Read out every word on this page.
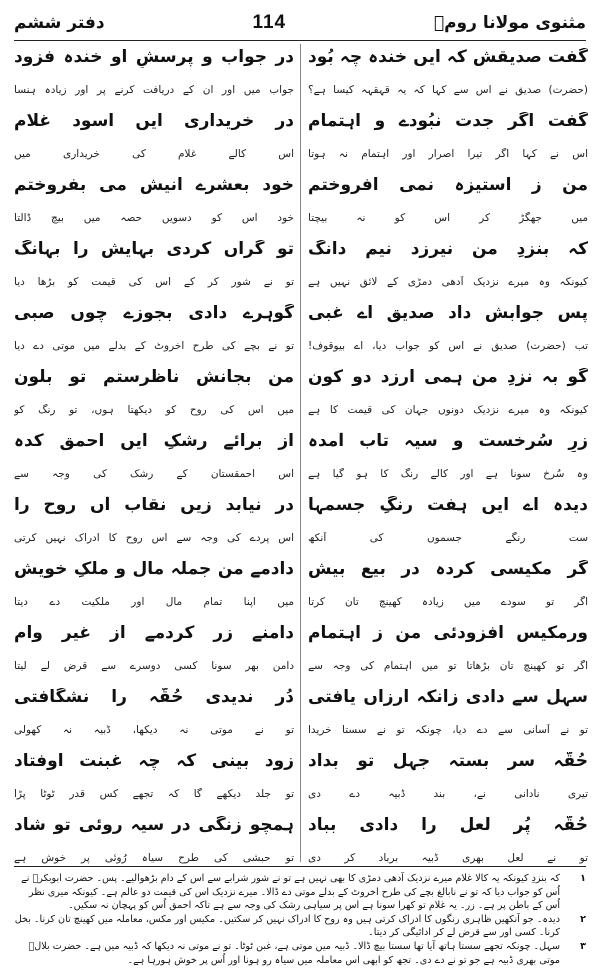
مثنوی مولانا رومؒ
114
دفتر ششم
گفت صدیقش کہ ایں خندہ چہ بُود
(حضرت) صدیق نے اُس سے کہا کہ یہ قہقہہ کیسا ہے؟
گفت اگر جدت نبُودے و اہتمام
اُس نے کہا اگر تیرا اصرار اور اہتمام نہ ہوتا
من ز استیزہ نمی افروختم
میں جھگڑ کر اُس کو نہ بیچتا
کہ بنزدِ من نیرزد نیم دانگ
کیونکہ وہ میرے نزدیک آدھی دمڑی کے لائق نہیں ہے
پس جوابش داد صدیق اے غبی
تب (حضرت) صدیق نے اس کو جواب دیا، اے بیوقوف!
گو بہ نزدِ من ہمی ارزد دو کون
کیونکہ وہ میرے نزدیک دونوں جہان کی قیمت کا ہے
زرِ سُرخست و سیہ تاب آمدہ
وہ سُرخ سونا ہے اور کالے رنگ کا ہو گیا ہے
دیدہ اے ایں ہفت رنگِ جسمہا
ست رنگے جسموں کی آنکھ
گر مکیسی کردہ در بیع بیش
اگر تو سودے میں زیادہ کھینچ تان کرتا
ورمکیس افزودئی من ز اہتمام
اگر تو کھینچ تان بڑھاتا تو میں اہتمام کی وجہ سے
سہل سے دادی زانکہ ارزاں یافتی
تو نے آسانی سے دے دیا، چونکہ تو نے سستا خریدا
حُقّہ سر بستہ جہل تو بداد
تیری نادانی نے، بند ڈبیہ دے دی
حُقّہ پُر لعل را دادی بباد
تو نے لعل بھری ڈبیہ برباد کر دی
در جواب و پرسشِ او خندہ فزود
جواب میں اور ان کے دریافت کرنے پر اور زیادہ ہنسا
در خریداری ایں اسود غلام
اس کالے غلام کی خریداری میں
خود بعشرے انیش می بفروختم
خود اس کو دسویں حصہ میں بیچ ڈالتا
تو گراں کردی بہایش را بہانگ
تو نے شور کر کے اس کی قیمت کو بڑھا دیا
گوہرے دادی بجوزے چوں صبی
تو نے بچے کی طرح اخروٹ کے بدلے میں موتی دے دیا
من بجانش ناظرستم تو بلون
میں اُس کی روح کو دیکھتا ہوں، تو رنگ کو
از برائے رشکِ ایں احمق کدہ
اس احمقستان کے رشک کی وجہ سے
در نیابد زیں نقاب آں روح را
اس پردے کی وجہ سے اُس روح کا ادراک نہیں کرتی
دادمے من جملہ مال و ملکِ خویش
میں اپنا تمام مال اور ملکیت دے دیتا
دامنے زر کردمے از غیر وام
دامن بھر سونا کسی دوسرے سے قرض لے لیتا
دُر ندیدی حُقّہ را نشگافتی
تو نے موتی نہ دیکھا، ڈبیہ نہ کھولی
زود بینی کہ چہ غبنت اوفتاد
تو جلد دیکھے گا کہ تجھے کس قدر ٹوٹا پڑا
ہمچو زنگی در سیہ روئی تو شاد
تو حبشی کی طرح سیاہ رُوئی پر خوش ہے
۱
کہ بنزدِ کیونکہ یہ کالا غلام میرے نزدیک آدھی دمڑی کا بھی نہیں ہے تو نے شور شرابے سے اس کے دام بڑھوالیے۔ پس۔ حضرت ابوبکرؓ نے اُس کو جواب دیا کہ تو نے نابالغ بچے کی طرح اخروٹ کے بدلے موتی دے ڈالا۔ میرے نزدیک اس کی قیمت دو عالم ہے۔ کیونکہ میری نظر اُس کے باطن پر ہے۔ زر۔ یہ غلام تو کھرا سونا ہے اس پر سیاہی رشک کی وجہ سے ہے تاکہ احمق اُس کو پہچان نہ سکیں۔
۲
دیدہ۔ جو آنکھیں ظاہری رنگوں کا ادراک کرتی ہیں وہ روح کا ادراک نہیں کر سکتیں۔ مکیس اور مکس، معاملہ میں کھینچ تان کرنا۔ بخل کرنا۔ کسی اور سے قرض لے کر ادائیگی کر دیتا۔
۳
سہل۔ چونکہ تجھے سستا ہاتھ آیا تھا سستا بیچ ڈالا۔ ڈبیہ میں موتی ہے، غبن ٹوٹا۔ تو نے موتی نہ دیکھا کہ ڈبیہ میں ہے۔ حضرت بلالؓ موتی بھری ڈبیہ ہے جو تو نے دے دی۔ تجھ کو ابھی اس معاملہ میں سیاہ رو ہونا اور اُس پر خوش ہورہا ہے۔
